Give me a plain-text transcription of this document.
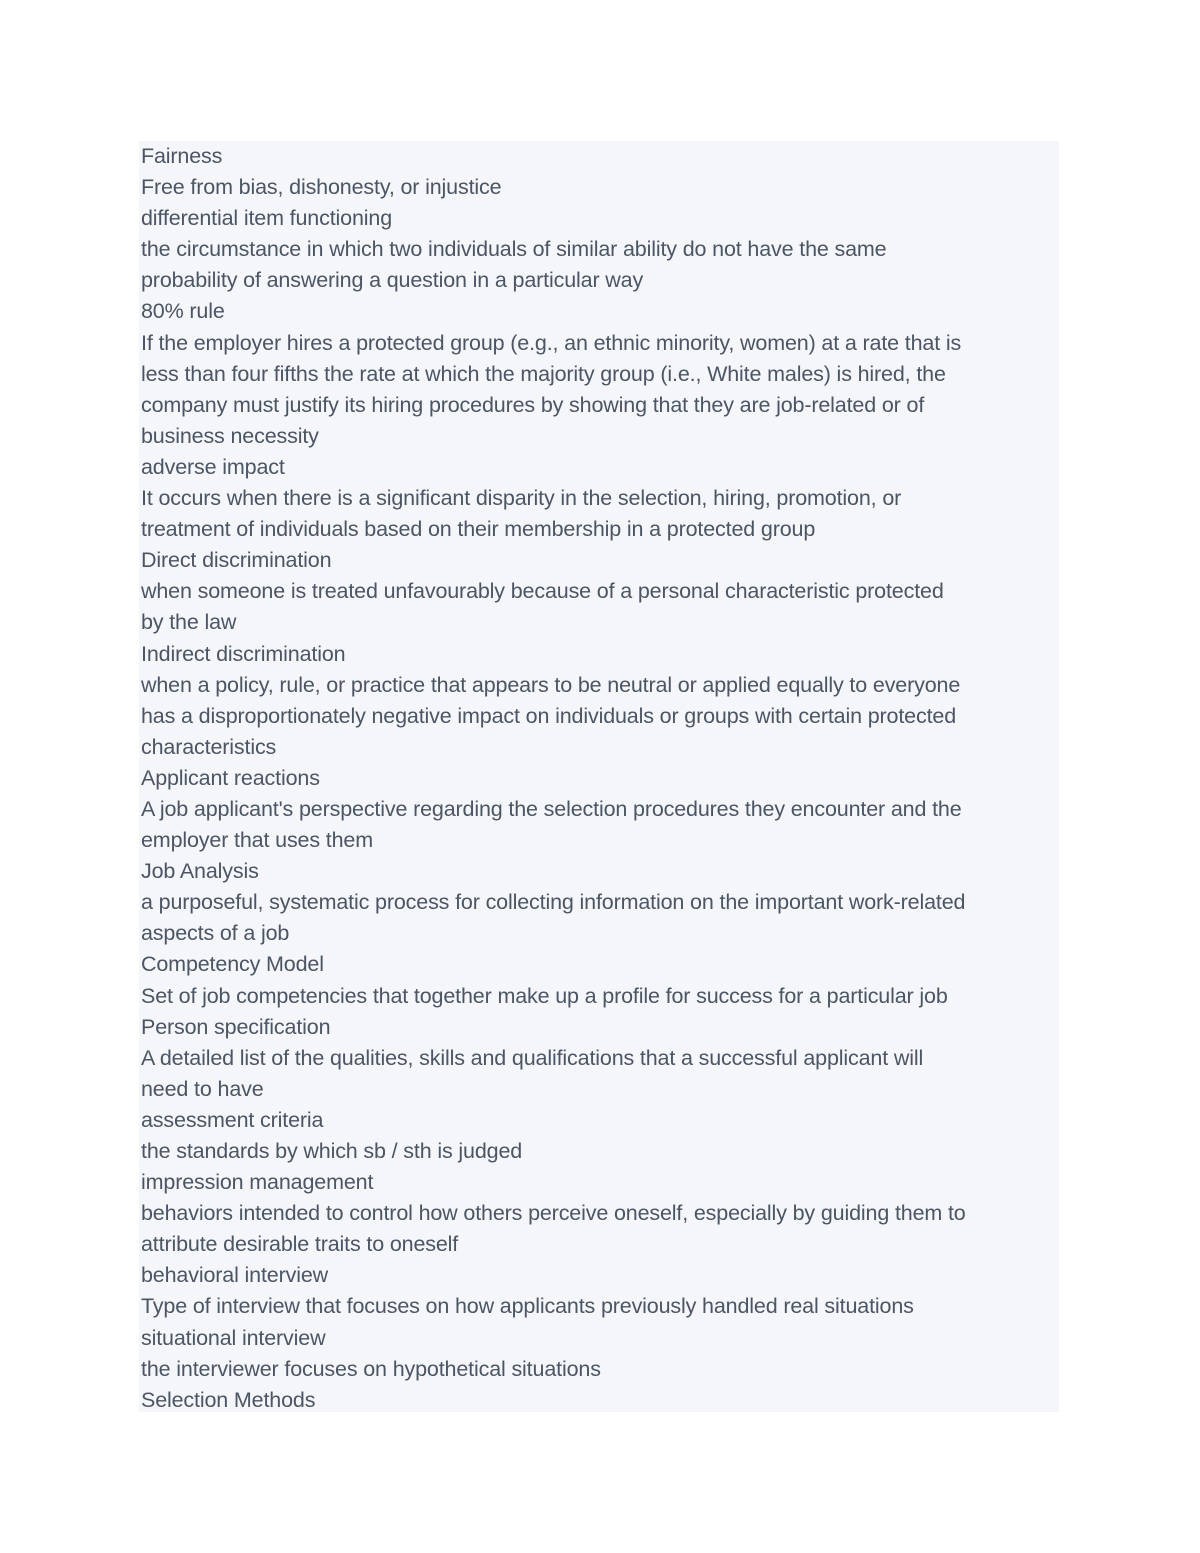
Fairness
Free from bias, dishonesty, or injustice
differential item functioning
the circumstance in which two individuals of similar ability do not have the same
probability of answering a question in a particular way
80% rule
If the employer hires a protected group (e.g., an ethnic minority, women) at a rate that is
less than four fifths the rate at which the majority group (i.e., White males) is hired, the
company must justify its hiring procedures by showing that they are job-related or of
business necessity
adverse impact
It occurs when there is a significant disparity in the selection, hiring, promotion, or
treatment of individuals based on their membership in a protected group
Direct discrimination
when someone is treated unfavourably because of a personal characteristic protected
by the law
Indirect discrimination
when a policy, rule, or practice that appears to be neutral or applied equally to everyone
has a disproportionately negative impact on individuals or groups with certain protected
characteristics
Applicant reactions
A job applicant's perspective regarding the selection procedures they encounter and the
employer that uses them
Job Analysis
a purposeful, systematic process for collecting information on the important work-related
aspects of a job
Competency Model
Set of job competencies that together make up a profile for success for a particular job
Person specification
A detailed list of the qualities, skills and qualifications that a successful applicant will
need to have
assessment criteria
the standards by which sb / sth is judged
impression management
behaviors intended to control how others perceive oneself, especially by guiding them to
attribute desirable traits to oneself
behavioral interview
Type of interview that focuses on how applicants previously handled real situations
situational interview
the interviewer focuses on hypothetical situations
Selection Methods
